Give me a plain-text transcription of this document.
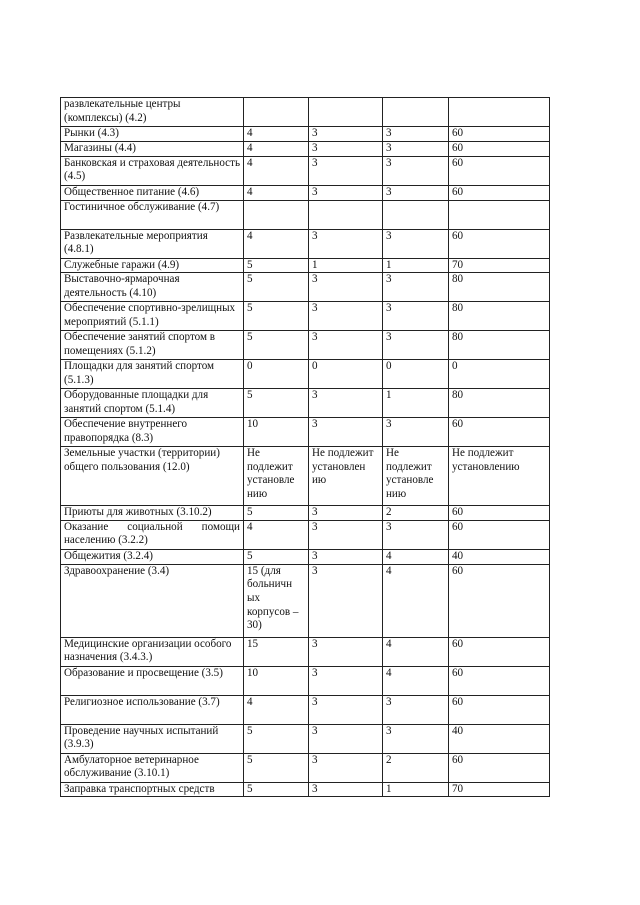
развлекательные центры (комплексы) (4.2)				
Рынки (4.3)	4	3	3	60
Магазины (4.4)	4	3	3	60
Банковская и страховая деятельность (4.5)	4	3	3	60
Общественное питание (4.6)	4	3	3	60
Гостиничное обслуживание (4.7)				
Развлекательные мероприятия (4.8.1)	4	3	3	60
Служебные гаражи (4.9)	5	1	1	70
Выставочно-ярмарочная деятельность (4.10)	5	3	3	80
Обеспечение спортивно-зрелищных мероприятий (5.1.1)	5	3	3	80
Обеспечение занятий спортом в помещениях (5.1.2)	5	3	3	80
Площадки для занятий спортом (5.1.3)	0	0	0	0
Оборудованные площадки для занятий спортом (5.1.4)	5	3	1	80
Обеспечение внутреннего правопорядка (8.3)	10	3	3	60
Земельные участки (территории) общего пользования (12.0)	Не подлежит установле нию	Не подлежит установлен ию	Не подлежит установле нию	Не подлежит установлению
Приюты для животных (3.10.2)	5	3	2	60
Оказание социальной помощи населению (3.2.2)	4	3	3	60
Общежития (3.2.4)	5	3	4	40
Здравоохранение (3.4)	15 (для больничн ых корпусов – 30)	3	4	60
Медицинские организации особого назначения (3.4.3.)	15	3	4	60
Образование и просвещение (3.5)	10	3	4	60
Религиозное использование (3.7)	4	3	3	60
Проведение научных испытаний (3.9.3)	5	3	3	40
Амбулаторное ветеринарное обслуживание (3.10.1)	5	3	2	60
Заправка транспортных средств	5	3	1	70
